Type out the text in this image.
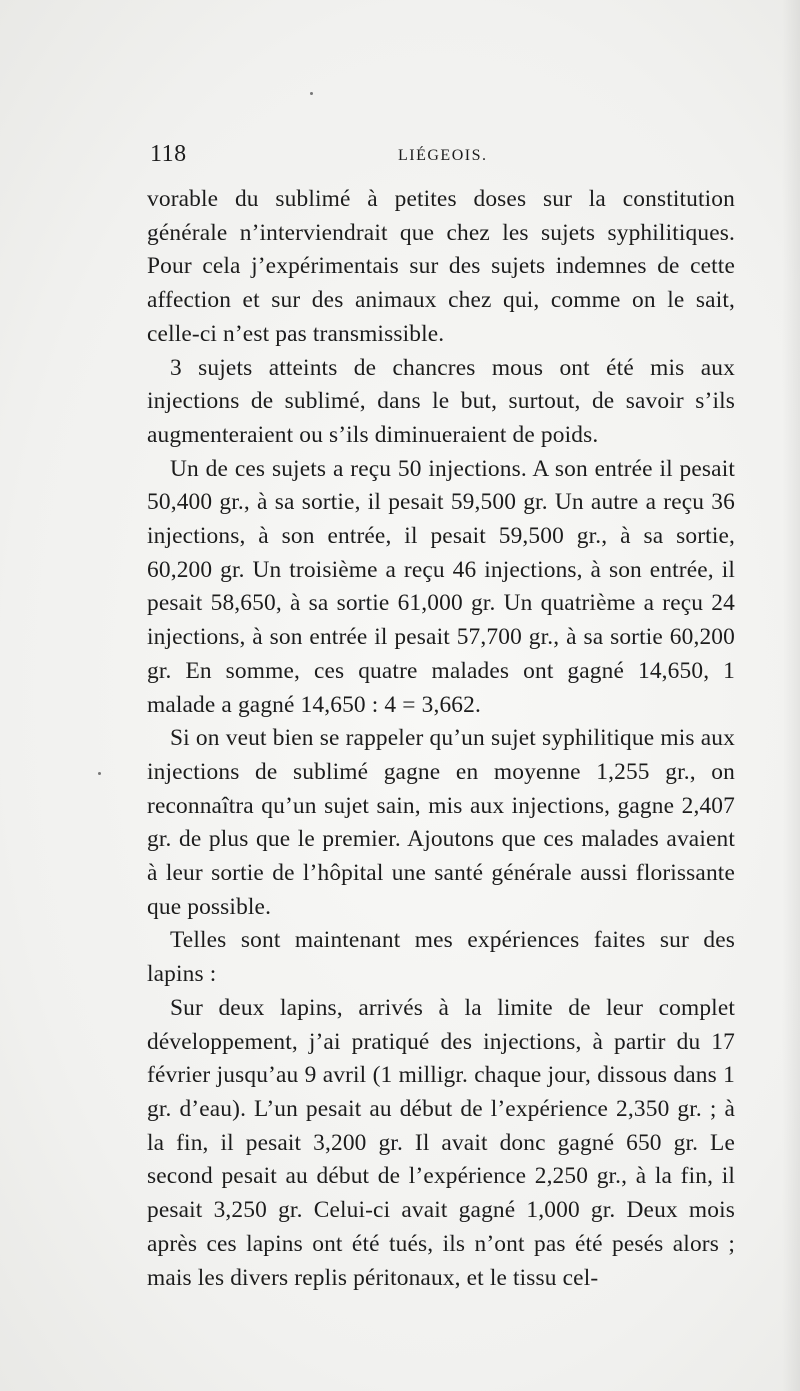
118	LIÉGEOIS.

vorable du sublimé à petites doses sur la constitution générale n’interviendrait que chez les sujets syphilitiques. Pour cela j’expérimentais sur des sujets indemnes de cette affection et sur des animaux chez qui, comme on le sait, celle-ci n’est pas transmissible.

3 sujets atteints de chancres mous ont été mis aux injections de sublimé, dans le but, surtout, de savoir s’ils augmenteraient ou s’ils diminueraient de poids.

Un de ces sujets a reçu 50 injections. A son entrée il pesait 50,400 gr., à sa sortie, il pesait 59,500 gr. Un autre a reçu 36 injections, à son entrée, il pesait 59,500 gr., à sa sortie, 60,200 gr. Un troisième a reçu 46 injections, à son entrée, il pesait 58,650, à sa sortie 61,000 gr. Un quatrième a reçu 24 injections, à son entrée il pesait 57,700 gr., à sa sortie 60,200 gr. En somme, ces quatre malades ont gagné 14,650, 1 malade a gagné 14,650 : 4 = 3,662.

Si on veut bien se rappeler qu’un sujet syphilitique mis aux injections de sublimé gagne en moyenne 1,255 gr., on reconnaîtra qu’un sujet sain, mis aux injections, gagne 2,407 gr. de plus que le premier. Ajoutons que ces malades avaient à leur sortie de l’hôpital une santé générale aussi florissante que possible.

Telles sont maintenant mes expériences faites sur des lapins :

Sur deux lapins, arrivés à la limite de leur complet développement, j’ai pratiqué des injections, à partir du 17 février jusqu’au 9 avril (1 milligr. chaque jour, dissous dans 1 gr. d’eau). L’un pesait au début de l’expérience 2,350 gr. ; à la fin, il pesait 3,200 gr. Il avait donc gagné 650 gr. Le second pesait au début de l’expérience 2,250 gr., à la fin, il pesait 3,250 gr. Celui-ci avait gagné 1,000 gr. Deux mois après ces lapins ont été tués, ils n’ont pas été pesés alors ; mais les divers replis péritonaux, et le tissu cel-
